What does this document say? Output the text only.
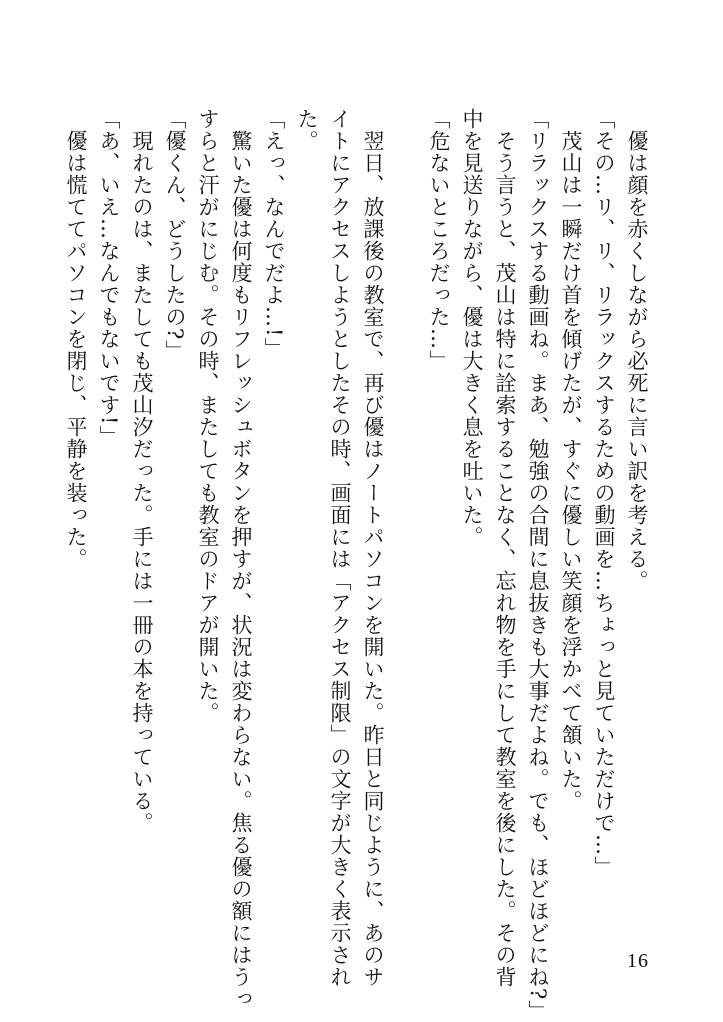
　優は顔を赤くしながら必死に言い訳を考える。
「その…リ、リ、リラックスするための動画を…ちょっと見ていただけで…」
　茂山は一瞬だけ首を傾げたが、すぐに優しい笑顔を浮かべて頷いた。
「リラックスする動画ね。まあ、勉強の合間に息抜きも大事だよね。でも、ほどほどにね?」
　そう言うと、茂山は特に詮索することなく、忘れ物を手にして教室を後にした。その背
中を見送りながら、優は大きく息を吐いた。
「危ないところだった…」
　翌日、放課後の教室で、再び優はノートパソコンを開いた。昨日と同じように、あのサ
イトにアクセスしようとしたその時、画面には「アクセス制限」の文字が大きく表示され
た。
「えっ、なんでだよ…!」
　驚いた優は何度もリフレッシュボタンを押すが、状況は変わらない。焦る優の額にはうっ
すらと汗がにじむ。その時、またしても教室のドアが開いた。
「優くん、どうしたの?」
　現れたのは、またしても茂山汐だった。手には一冊の本を持っている。
「あ、いえ…なんでもないです!」
　優は慌ててパソコンを閉じ、平静を装った。
16
